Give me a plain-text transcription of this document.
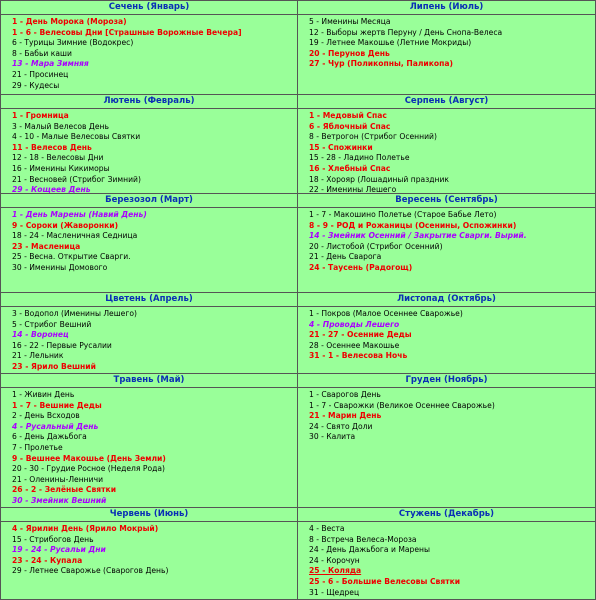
Сечень (Январь)
1 - День Морока (Мороза)
1 - 6 - Велесовы Дни [Страшные Ворожные Вечера]
6 - Турицы Зимние (Водокрес)
8 - Бабьи каши
13 - Мара Зимняя
21 - Просинец
29 - Кудесы
Липень (Июль)
5 - Именины Месяца
12 - Выборы жертв Перуну / День Снопа-Велеса
19 - Летнее Макошье (Летние Мокриды)
20 - Перунов День
27 - Чур (Поликопны, Паликопа)
Лютень (Февраль)
1 - Громница
3 - Малый Велесов День
4 - 10 - Малые Велесовы Святки
11 - Велесов День
12 - 18 - Велесовы Дни
16 - Именины Кикиморы
21 - Весновей (Стрибог Зимний)
29 - Кощеев День
Серпень (Август)
1 - Медовый Спас
6 - Яблочный Спас
8 - Ветрогон (Стрибог Осенний)
15 - Спожинки
15 - 28 - Ладино Полетье
16 - Хлебный Спас
18 - Хорояр (Лошадиный праздник
22 - Именины Лешего
Березозол (Март)
1 - День Марены (Навий День)
9 - Сороки (Жаворонки)
18 - 24 - Масленичная Седница
23 - Масленица
25 - Весна. Открытие Сварги.
30 - Именины Домового
Вересень (Сентябрь)
1 - 7 - Макошино Полетье (Старое Бабье Лето)
8 - 9 - РОД и Рожаницы (Осенины, Оспожинки)
14 - Змейник Осенний / Закрытие Сварги. Вырий.
20 - Листобой (Стрибог Осенний)
21 - День Сварога
24 - Таусень (Радогощ)
Цветень (Апрель)
3 - Водопол (Именины Лешего)
5 - Стрибог Вешний
14 - Воронец
16 - 22 - Первые Русалии
21 - Лельник
23 - Ярило Вешний
Листопад (Октябрь)
1 - Покров (Малое Осеннее Сварожье)
4 - Проводы Лешего
21 - 27 - Осенние Деды
28 - Осеннее Макошье
31 - 1 - Велесова Ночь
Травень (Май)
1 - Живин День
1 - 7 - Вешние Деды
2 - День Всходов
4 - Русальный День
6 - День Дажьбога
7 - Пролетье
9 - Вешнее Макошье (День Земли)
20 - 30 - Грудие Росное (Неделя Рода)
21 - Оленины-Ленничи
26 - 2 - Зелёные Святки
30 - Змейник Вешний
Груден (Ноябрь)
1 - Сварогов День
1 - 7 - Сварожки (Великое Осеннее Сварожье)
21 - Марин День
24 - Свято Доли
30 - Калита
Червень (Июнь)
4 - Ярилин День (Ярило Мокрый)
15 - Стрибогов День
19 - 24 - Русальи Дни
23 - 24 - Купала
29 - Летнее Сварожье (Сварогов День)
Стужень (Декабрь)
4 - Веста
8 - Встреча Велеса-Мороза
24 - День Дажьбога и Марены
24 - Корочун
25 - Коляда
25 - 6 - Большие Велесовы Святки
31 - Щедрец
